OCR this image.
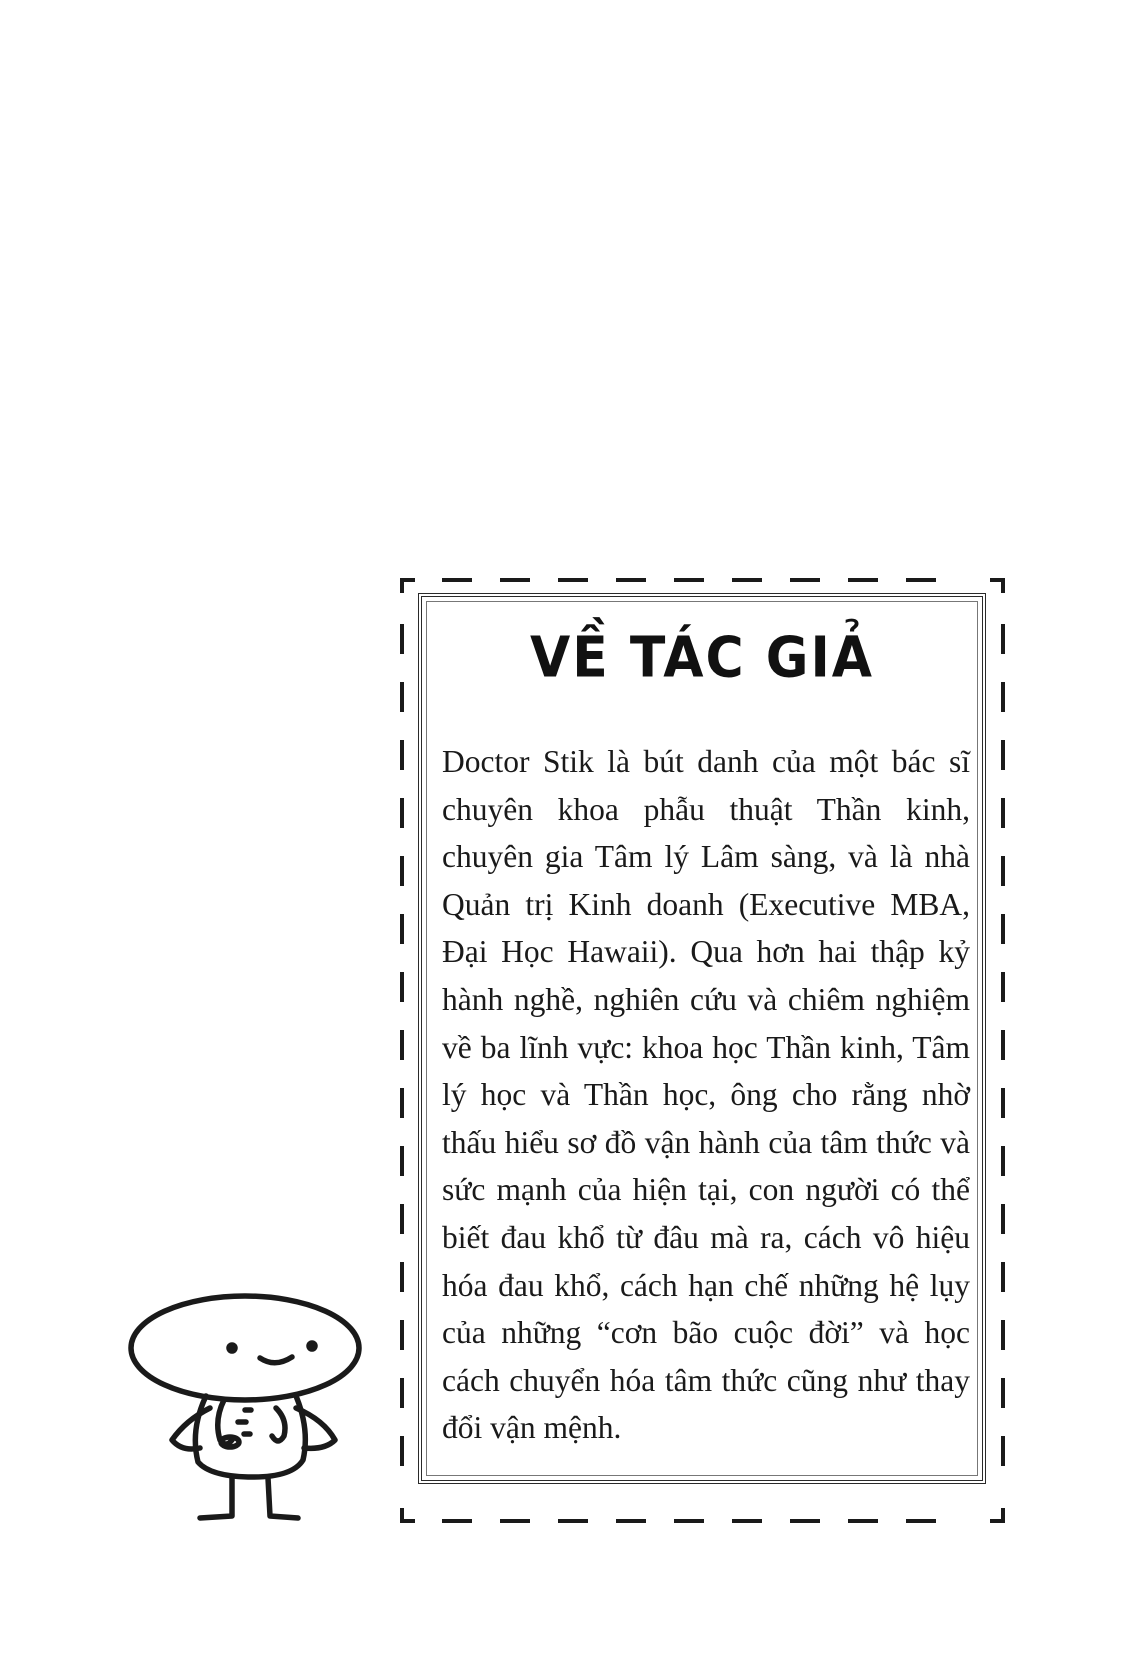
VỀ TÁC GIẢ
Doctor Stik là bút danh của một bác sĩ chuyên khoa phẫu thuật Thần kinh, chuyên gia Tâm lý Lâm sàng, và là nhà Quản trị Kinh doanh (Executive MBA, Đại Học Hawaii). Qua hơn hai thập kỷ hành nghề, nghiên cứu và chiêm nghiệm về ba lĩnh vực: khoa học Thần kinh, Tâm lý học và Thần học, ông cho rằng nhờ thấu hiểu sơ đồ vận hành của tâm thức và sức mạnh của hiện tại, con người có thể biết đau khổ từ đâu mà ra, cách vô hiệu hóa đau khổ, cách hạn chế những hệ lụy của những “cơn bão cuộc đời” và học cách chuyển hóa tâm thức cũng như thay đổi vận mệnh.
